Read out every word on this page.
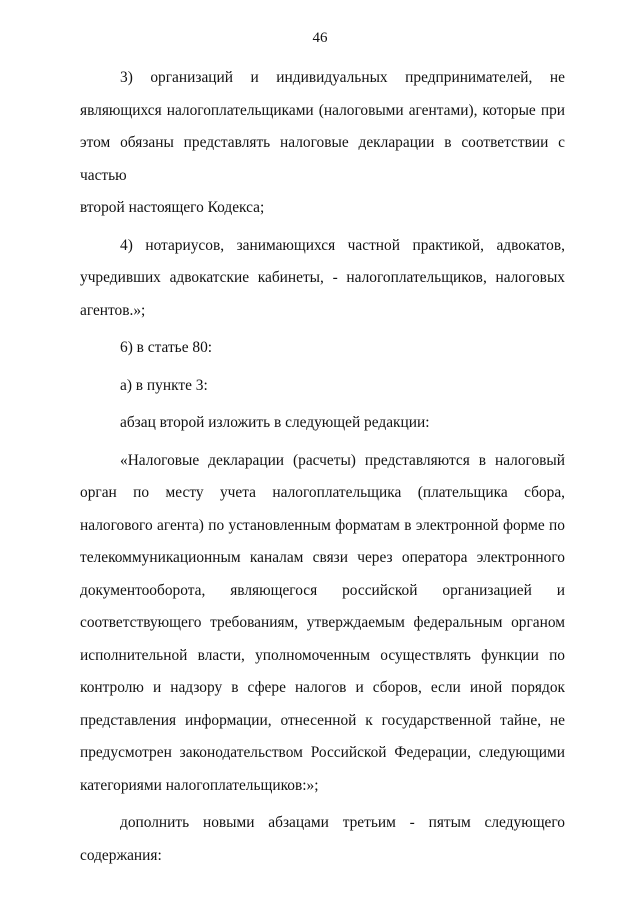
46

3) организаций и индивидуальных предпринимателей, не являющихся налогоплательщиками (налоговыми агентами), которые при этом обязаны представлять налоговые декларации в соответствии с частью

второй настоящего Кодекса;

4) нотариусов, занимающихся частной практикой, адвокатов, учредивших адвокатские кабинеты, - налогоплательщиков, налоговых

агентов.»;

6) в статье 80:

а) в пункте 3:

абзац второй изложить в следующей редакции:

«Налоговые декларации (расчеты) представляются в налоговый орган по месту учета налогоплательщика (плательщика сбора, налогового агента) по установленным форматам в электронной форме по телекоммуникационным каналам связи через оператора электронного документооборота, являющегося российской организацией и соответствующего требованиям, утверждаемым федеральным органом исполнительной власти, уполномоченным осуществлять функции по контролю и надзору в сфере налогов и сборов, если иной порядок представления информации, отнесенной к государственной тайне, не предусмотрен законодательством Российской Федерации, следующими

категориями налогоплательщиков:»;

дополнить новыми абзацами третьим - пятым следующего

содержания:
